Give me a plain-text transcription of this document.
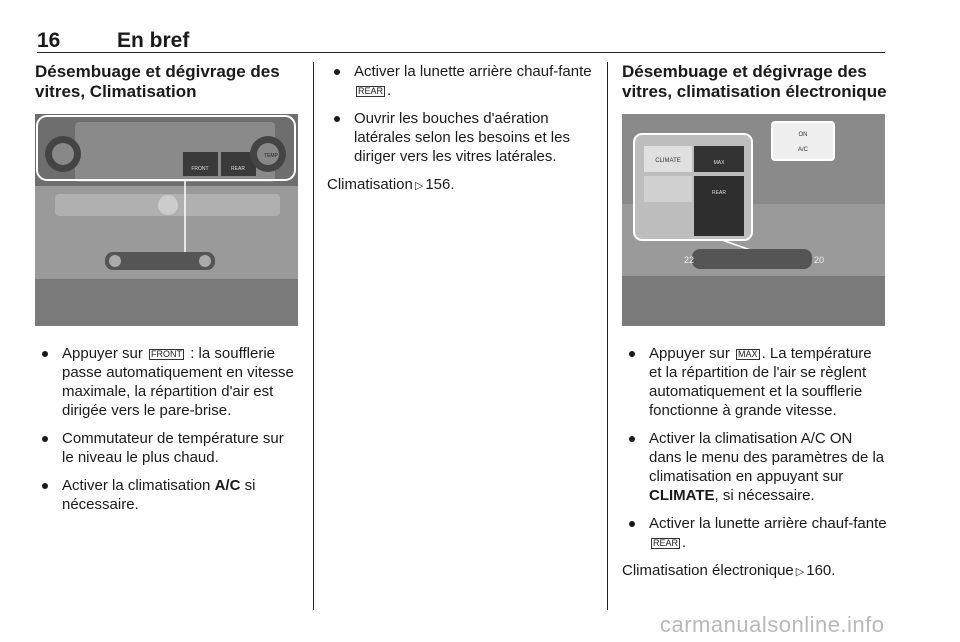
16	En bref
Désembuage et dégivrage des
vitres, Climatisation
FRONT	REAR
TEMP
Appuyer sur FRONT : la soufflerie passe automatiquement en vitesse maximale, la répartition d'air est dirigée vers le pare-brise.
Commutateur de température sur le niveau le plus chaud.
Activer la climatisation A/C si nécessaire.
Activer la lunette arrière chauf-fante REAR .
Ouvrir les bouches d'aération latérales selon les besoins et les diriger vers les vitres latérales.
Climatisation ▷ 156.
Désembuage et dégivrage des
vitres, climatisation électronique
ON
A/C
CLIMATE	MAX
REAR
22	20
Appuyer sur MAX . La température et la répartition de l'air se règlent automatiquement et la soufflerie fonctionne à grande vitesse.
Activer la climatisation A/C ON dans le menu des paramètres de la climatisation en appuyant sur CLIMATE, si nécessaire.
Activer la lunette arrière chauf-fante REAR .
Climatisation électronique ▷ 160.
carmanualsonline.info
